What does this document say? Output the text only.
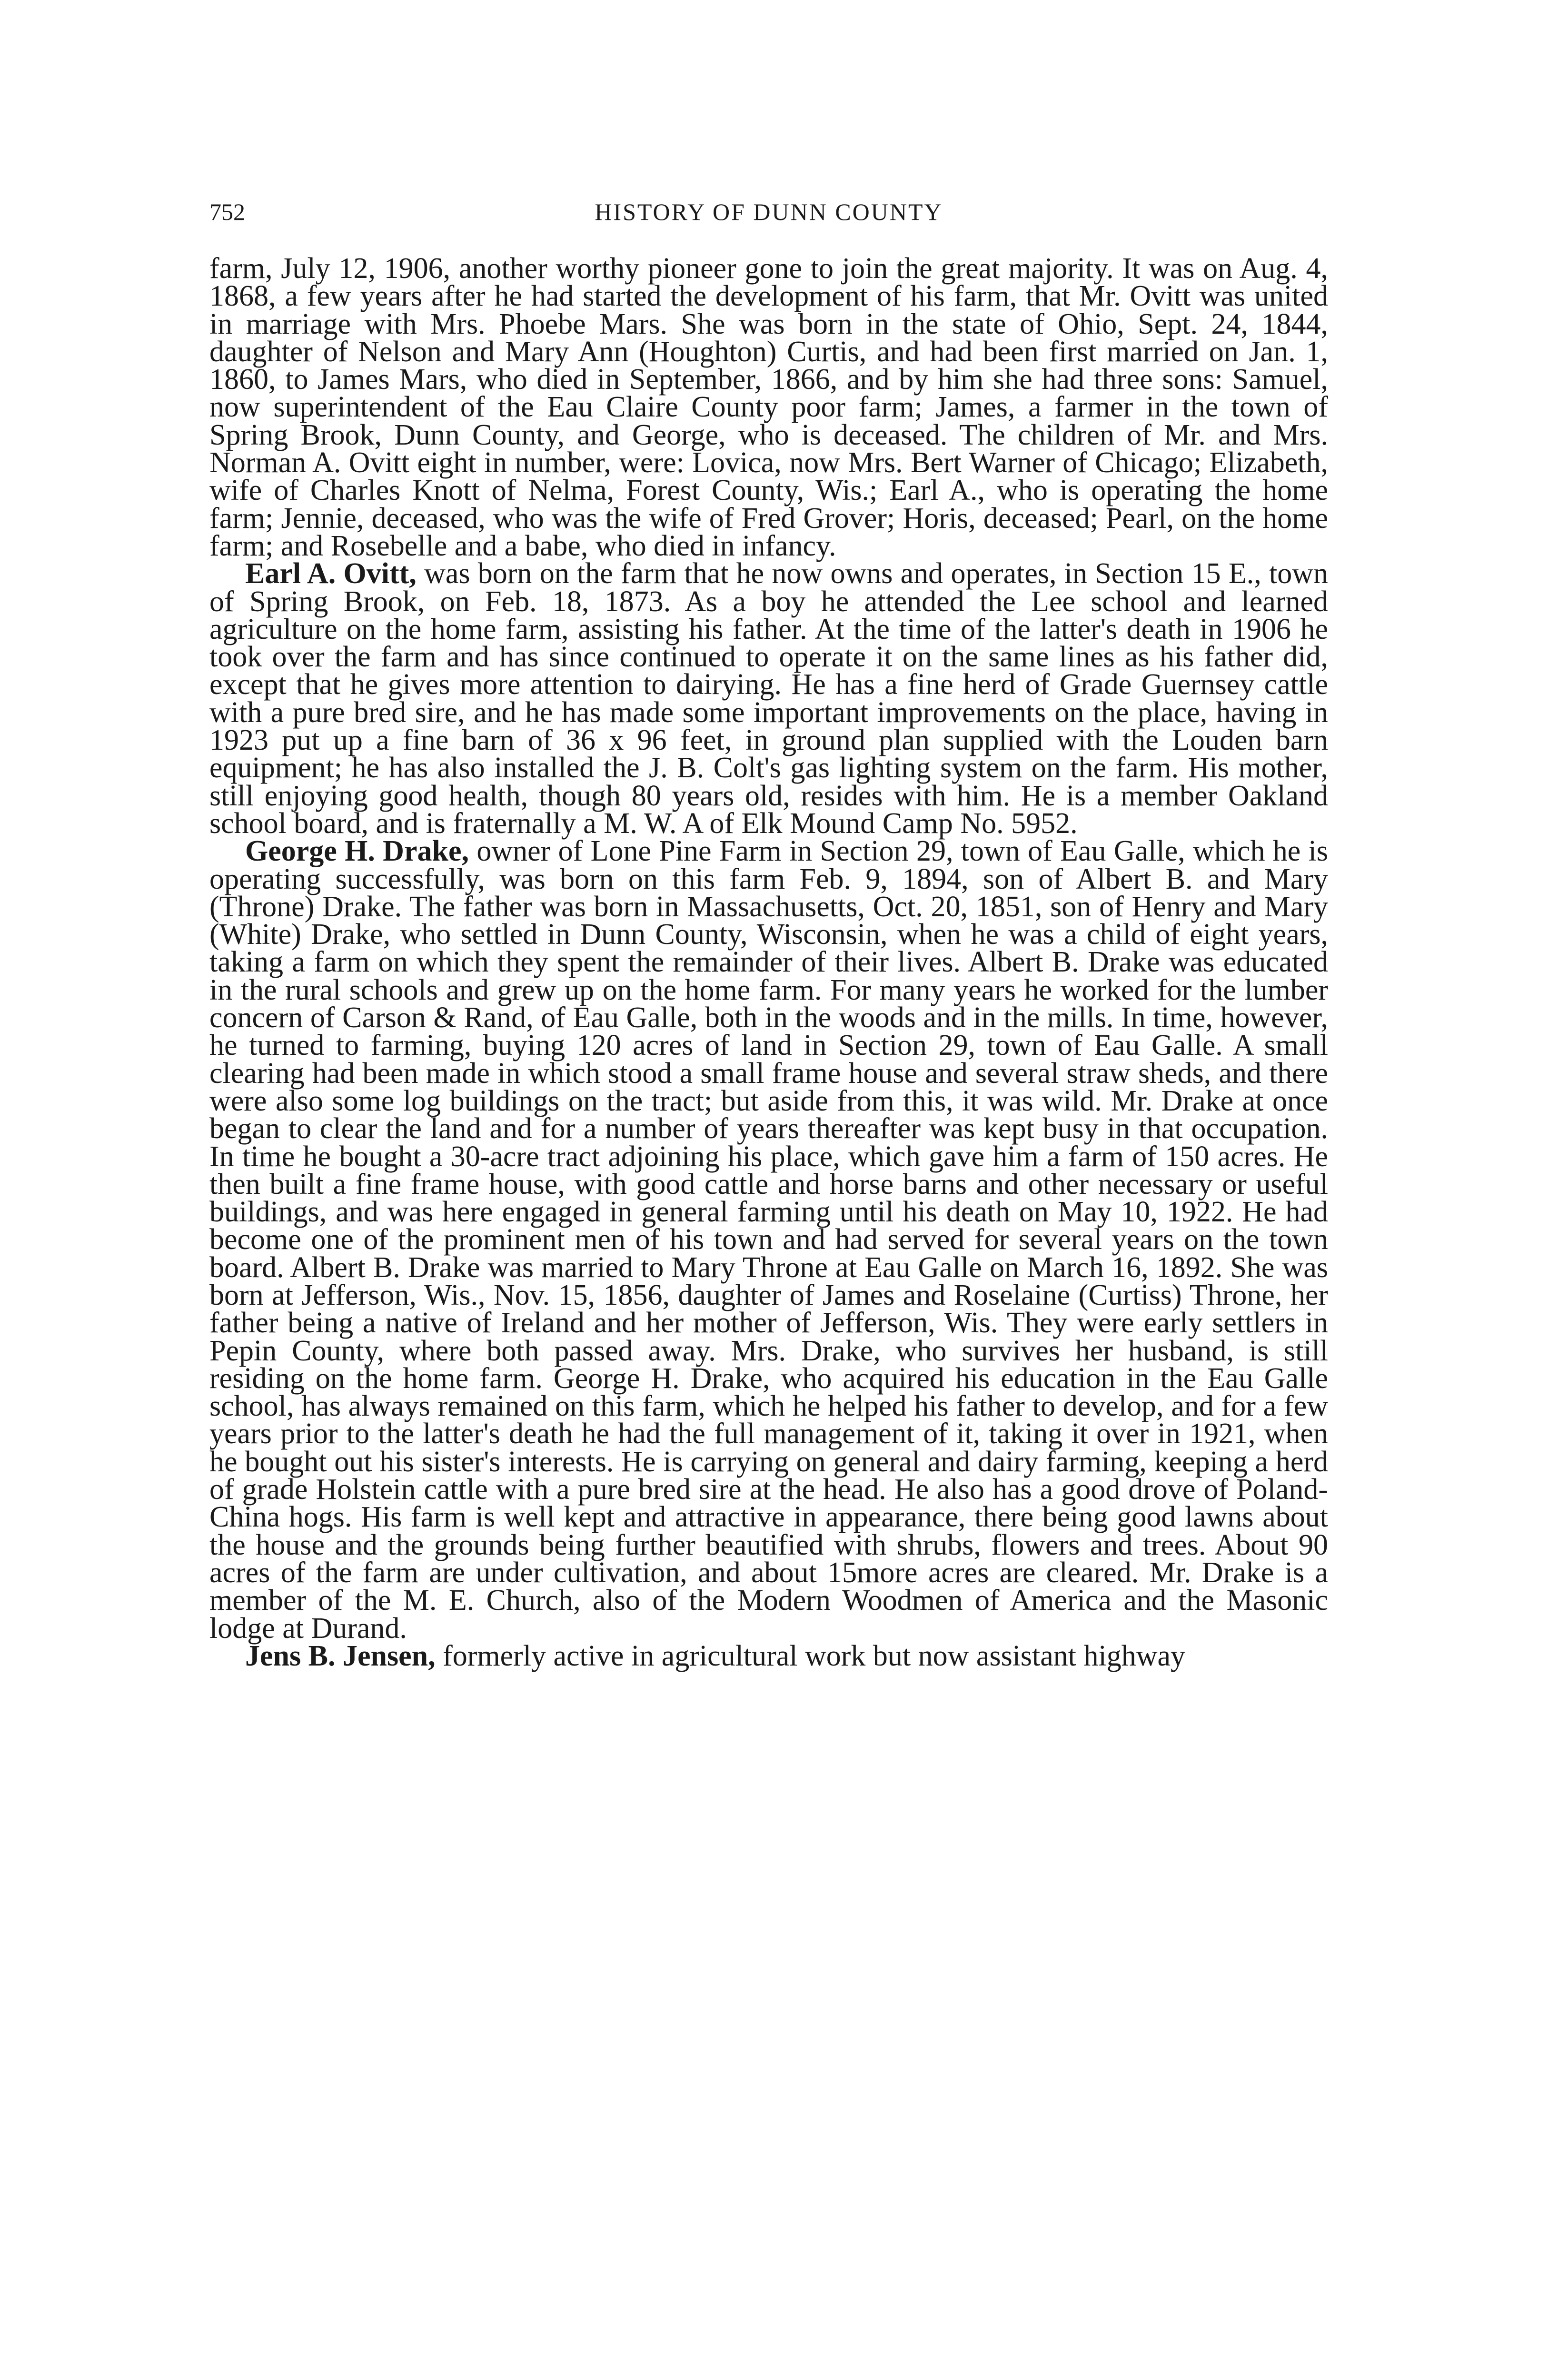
752	HISTORY OF DUNN COUNTY

farm, July 12, 1906, another worthy pioneer gone to join the great majority. It was on Aug. 4, 1868, a few years after he had started the development of his farm, that Mr. Ovitt was united in marriage with Mrs. Phoebe Mars. She was born in the state of Ohio, Sept. 24, 1844, daughter of Nelson and Mary Ann (Houghton) Curtis, and had been first married on Jan. 1, 1860, to James Mars, who died in September, 1866, and by him she had three sons: Samuel, now superintendent of the Eau Claire County poor farm; James, a farmer in the town of Spring Brook, Dunn County, and George, who is deceased. The children of Mr. and Mrs. Norman A. Ovitt eight in number, were: Lovica, now Mrs. Bert Warner of Chicago; Elizabeth, wife of Charles Knott of Nelma, Forest County, Wis.; Earl A., who is operating the home farm; Jennie, deceased, who was the wife of Fred Grover; Horis, deceased; Pearl, on the home farm; and Rosebelle and a babe, who died in infancy.

Earl A. Ovitt, was born on the farm that he now owns and operates, in Section 15 E., town of Spring Brook, on Feb. 18, 1873. As a boy he attended the Lee school and learned agriculture on the home farm, assisting his father. At the time of the latter's death in 1906 he took over the farm and has since continued to operate it on the same lines as his father did, except that he gives more attention to dairying. He has a fine herd of Grade Guernsey cattle with a pure bred sire, and he has made some important improvements on the place, having in 1923 put up a fine barn of 36 x 96 feet, in ground plan supplied with the Louden barn equipment; he has also installed the J. B. Colt's gas lighting system on the farm. His mother, still enjoying good health, though 80 years old, resides with him. He is a member Oakland school board, and is fraternally a M. W. A of Elk Mound Camp No. 5952.

George H. Drake, owner of Lone Pine Farm in Section 29, town of Eau Galle, which he is operating successfully, was born on this farm Feb. 9, 1894, son of Albert B. and Mary (Throne) Drake. The father was born in Massachusetts, Oct. 20, 1851, son of Henry and Mary (White) Drake, who settled in Dunn County, Wisconsin, when he was a child of eight years, taking a farm on which they spent the remainder of their lives. Albert B. Drake was educated in the rural schools and grew up on the home farm. For many years he worked for the lumber concern of Carson & Rand, of Eau Galle, both in the woods and in the mills. In time, however, he turned to farming, buying 120 acres of land in Section 29, town of Eau Galle. A small clearing had been made in which stood a small frame house and several straw sheds, and there were also some log buildings on the tract; but aside from this, it was wild. Mr. Drake at once began to clear the land and for a number of years thereafter was kept busy in that occupation. In time he bought a 30-acre tract adjoining his place, which gave him a farm of 150 acres. He then built a fine frame house, with good cattle and horse barns and other necessary or useful buildings, and was here engaged in general farming until his death on May 10, 1922. He had become one of the prominent men of his town and had served for several years on the town board. Albert B. Drake was married to Mary Throne at Eau Galle on March 16, 1892. She was born at Jefferson, Wis., Nov. 15, 1856, daughter of James and Roselaine (Curtiss) Throne, her father being a native of Ireland and her mother of Jefferson, Wis. They were early settlers in Pepin County, where both passed away. Mrs. Drake, who survives her husband, is still residing on the home farm. George H. Drake, who acquired his education in the Eau Galle school, has always remained on this farm, which he helped his father to develop, and for a few years prior to the latter's death he had the full management of it, taking it over in 1921, when he bought out his sister's interests. He is carrying on general and dairy farming, keeping a herd of grade Holstein cattle with a pure bred sire at the head. He also has a good drove of Poland-China hogs. His farm is well kept and attractive in appearance, there being good lawns about the house and the grounds being further beautified with shrubs, flowers and trees. About 90 acres of the farm are under cultivation, and about 15more acres are cleared. Mr. Drake is a member of the M. E. Church, also of the Modern Woodmen of America and the Masonic lodge at Durand.

Jens B. Jensen, formerly active in agricultural work but now assistant highway
